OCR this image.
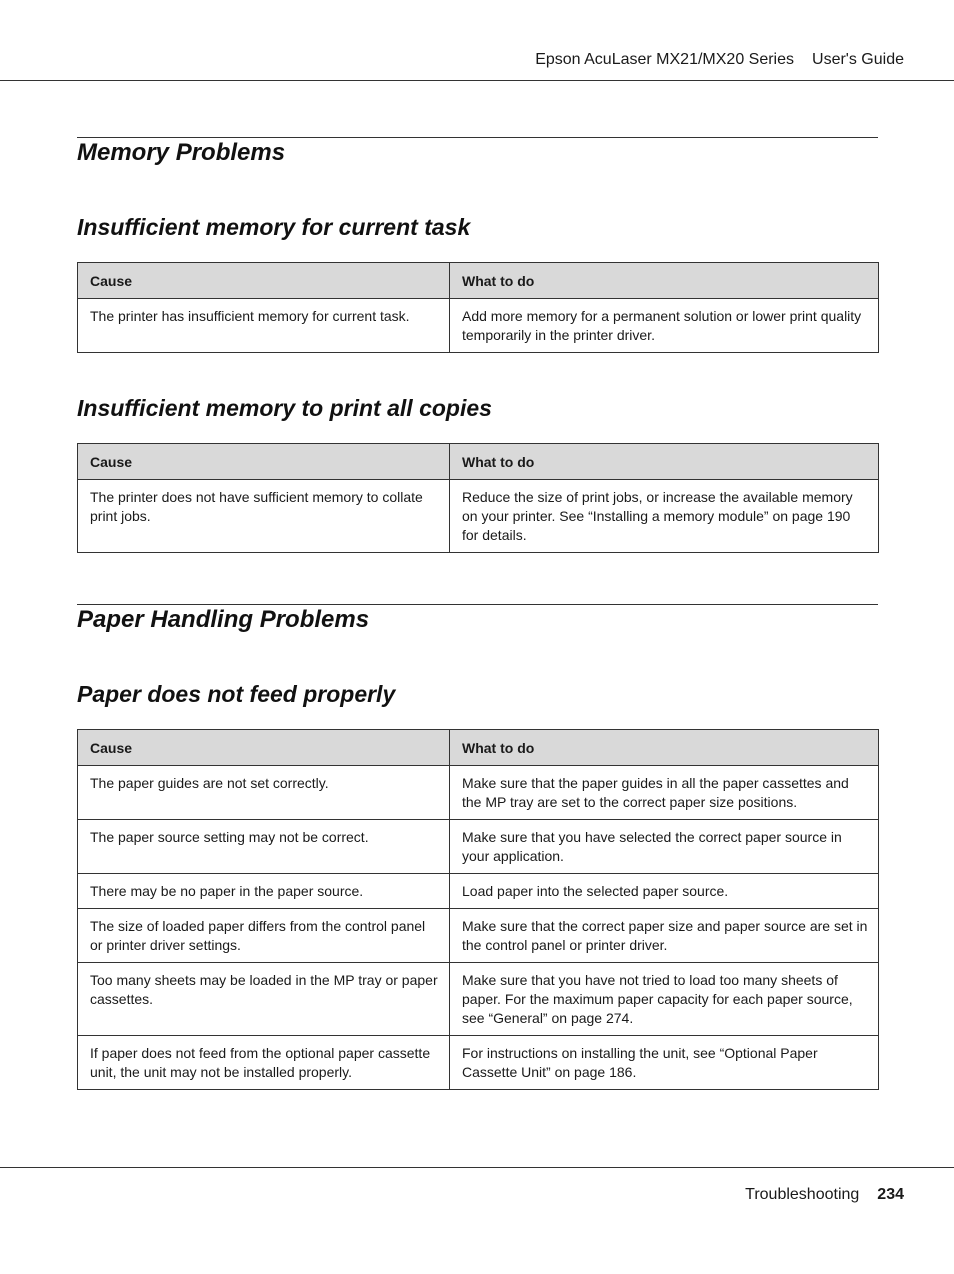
Epson AcuLaser MX21/MX20 Series User's Guide
Memory Problems
Insufficient memory for current task
Cause	What to do
The printer has insufficient memory for current task.	Add more memory for a permanent solution or lower print quality temporarily in the printer driver.
Insufficient memory to print all copies
Cause	What to do
The printer does not have sufficient memory to collate print jobs.	Reduce the size of print jobs, or increase the available memory on your printer. See “Installing a memory module” on page 190 for details.
Paper Handling Problems
Paper does not feed properly
Cause	What to do
The paper guides are not set correctly.	Make sure that the paper guides in all the paper cassettes and the MP tray are set to the correct paper size positions.
The paper source setting may not be correct.	Make sure that you have selected the correct paper source in your application.
There may be no paper in the paper source.	Load paper into the selected paper source.
The size of loaded paper differs from the control panel or printer driver settings.	Make sure that the correct paper size and paper source are set in the control panel or printer driver.
Too many sheets may be loaded in the MP tray or paper cassettes.	Make sure that you have not tried to load too many sheets of paper. For the maximum paper capacity for each paper source, see “General” on page 274.
If paper does not feed from the optional paper cassette unit, the unit may not be installed properly.	For instructions on installing the unit, see “Optional Paper Cassette Unit” on page 186.
Troubleshooting 234
